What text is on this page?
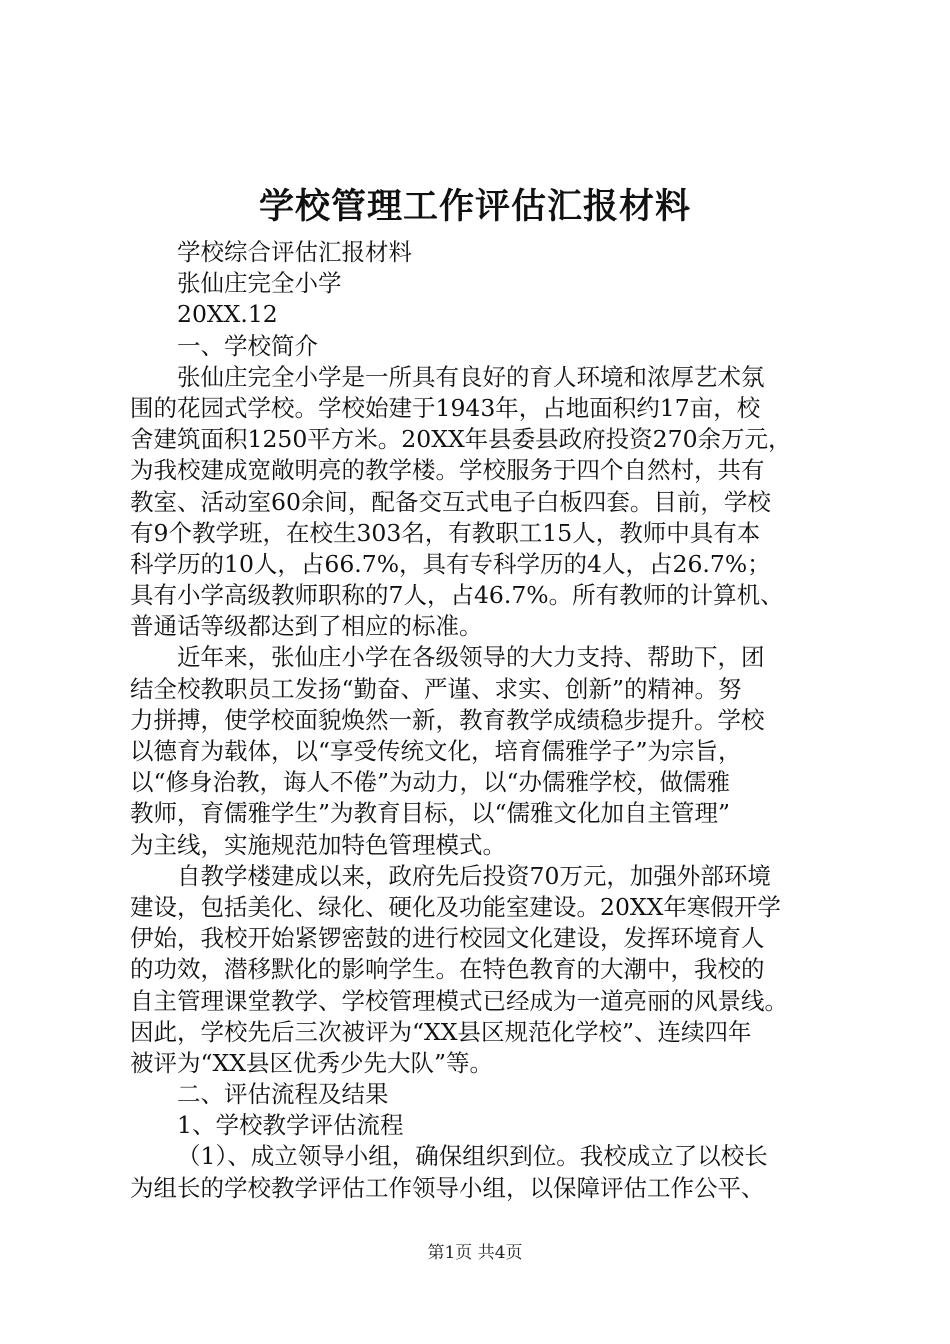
学校管理工作评估汇报材料
学校综合评估汇报材料
张仙庄完全小学
20XX.12
一、学校简介
张仙庄完全小学是一所具有良好的育人环境和浓厚艺术氛
围的花园式学校。学校始建于1943年，占地面积约17亩，校
舍建筑面积1250平方米。20XX年县委县政府投资270余万元，
为我校建成宽敞明亮的教学楼。学校服务于四个自然村，共有
教室、活动室60余间，配备交互式电子白板四套。目前，学校
有9个教学班，在校生303名，有教职工15人，教师中具有本
科学历的10人，占66.7%，具有专科学历的4人，占26.7%；
具有小学高级教师职称的7人，占46.7%。所有教师的计算机、
普通话等级都达到了相应的标准。
近年来，张仙庄小学在各级领导的大力支持、帮助下，团
结全校教职员工发扬“勤奋、严谨、求实、创新”的精神。努
力拼搏，使学校面貌焕然一新，教育教学成绩稳步提升。学校
以德育为载体，以“享受传统文化，培育儒雅学子”为宗旨，
以“修身治教，诲人不倦”为动力，以“办儒雅学校，做儒雅
教师，育儒雅学生”为教育目标，以“儒雅文化加自主管理”
为主线，实施规范加特色管理模式。
自教学楼建成以来，政府先后投资70万元，加强外部环境
建设，包括美化、绿化、硬化及功能室建设。20XX年寒假开学
伊始，我校开始紧锣密鼓的进行校园文化建设，发挥环境育人
的功效，潜移默化的影响学生。在特色教育的大潮中，我校的
自主管理课堂教学、学校管理模式已经成为一道亮丽的风景线。
因此，学校先后三次被评为“XX县区规范化学校”、连续四年
被评为“XX县区优秀少先大队”等。
二、评估流程及结果
1、学校教学评估流程
（1）、成立领导小组，确保组织到位。我校成立了以校长
为组长的学校教学评估工作领导小组，以保障评估工作公平、
第1页 共4页
